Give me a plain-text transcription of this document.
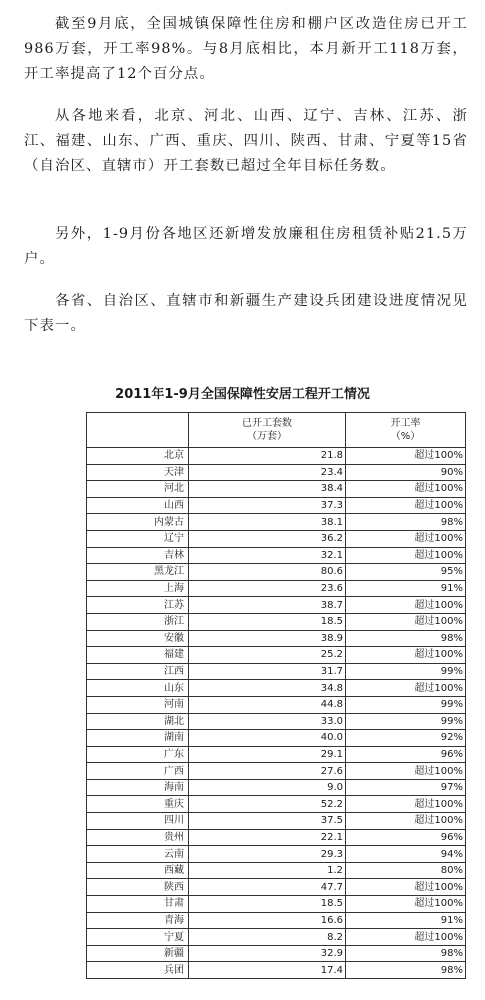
截至9月底，全国城镇保障性住房和棚户区改造住房已开工986万套，开工率98%。与8月底相比，本月新开工118万套，开工率提高了12个百分点。

从各地来看，北京、河北、山西、辽宁、吉林、江苏、浙江、福建、山东、广西、重庆、四川、陕西、甘肃、宁夏等15省（自治区、直辖市）开工套数已超过全年目标任务数。

另外，1-9月份各地区还新增发放廉租住房租赁补贴21.5万户。

各省、自治区、直辖市和新疆生产建设兵团建设进度情况见下表一。

2011年1-9月全国保障性安居工程开工情况

	已开工套数
（万套）	开工率
（%）
北京	21.8	超过100%
天津	23.4	90%
河北	38.4	超过100%
山西	37.3	超过100%
内蒙古	38.1	98%
辽宁	36.2	超过100%
吉林	32.1	超过100%
黑龙江	80.6	95%
上海	23.6	91%
江苏	38.7	超过100%
浙江	18.5	超过100%
安徽	38.9	98%
福建	25.2	超过100%
江西	31.7	99%
山东	34.8	超过100%
河南	44.8	99%
湖北	33.0	99%
湖南	40.0	92%
广东	29.1	96%
广西	27.6	超过100%
海南	9.0	97%
重庆	52.2	超过100%
四川	37.5	超过100%
贵州	22.1	96%
云南	29.3	94%
西藏	1.2	80%
陕西	47.7	超过100%
甘肃	18.5	超过100%
青海	16.6	91%
宁夏	8.2	超过100%
新疆	32.9	98%
兵团	17.4	98%
